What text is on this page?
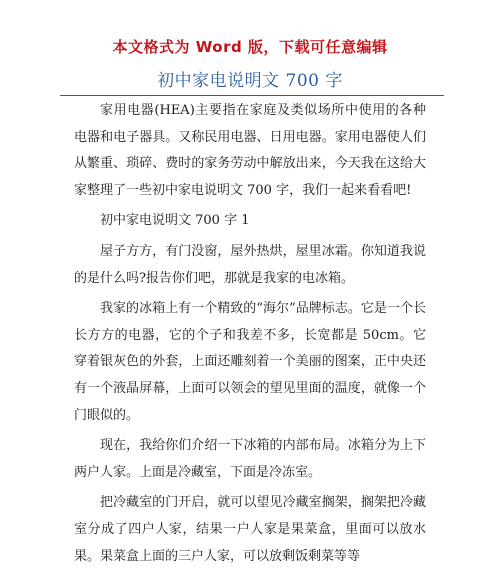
本文格式为 Word 版，下载可任意编辑
初中家电说明文 700 字

家用电器(HEA)主要指在家庭及类似场所中使用的各种电器和电子器具。又称民用电器、日用电器。家用电器使人们从繁重、琐碎、费时的家务劳动中解放出来，今天我在这给大家整理了一些初中家电说明文 700 字，我们一起来看看吧!

初中家电说明文 700 字 1

屋子方方，有门没窗，屋外热烘，屋里冰霜。你知道我说的是什么吗?报告你们吧，那就是我家的电冰箱。

我家的冰箱上有一个精致的“海尔”品牌标志。它是一个长长方方的电器，它的个子和我差不多，长宽都是 50cm。它穿着银灰色的外套，上面还雕刻着一个美丽的图案，正中央还有一个液晶屏幕，上面可以领会的望见里面的温度，就像一个门眼似的。

现在，我给你们介绍一下冰箱的内部布局。冰箱分为上下两户人家。上面是冷藏室，下面是冷冻室。

把冷藏室的门开启，就可以望见冷藏室搁架，搁架把冷藏室分成了四户人家，结果一户人家是果菜盒，里面可以放水果。果菜盒上面的三户人家，可以放剩饭剩菜等等
